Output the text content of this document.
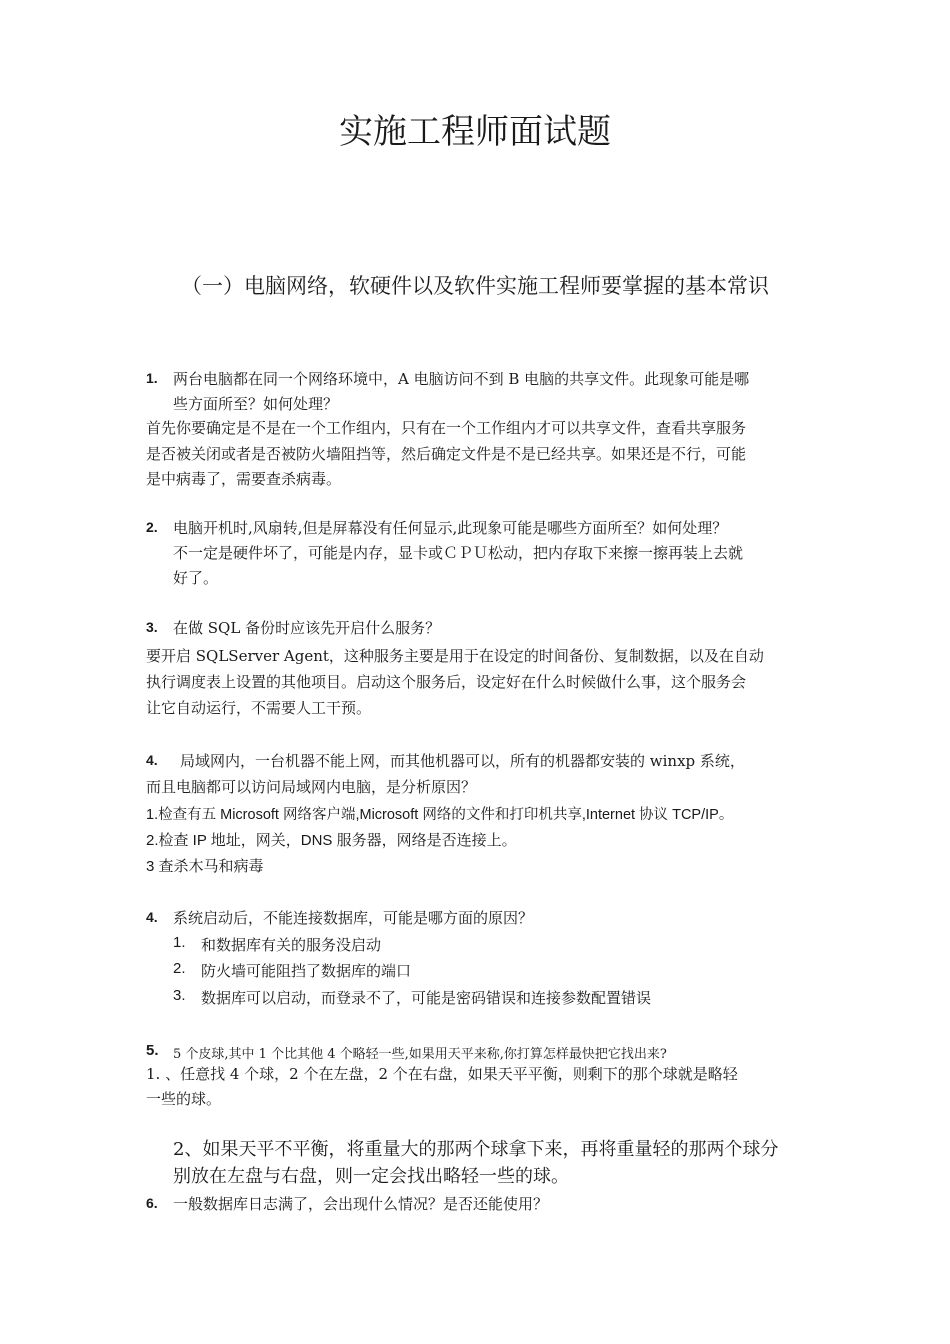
实施工程师面试题
（一）电脑网络，软硬件以及软件实施工程师要掌握的基本常识
1. 两台电脑都在同一个网络环境中，A 电脑访问不到 B 电脑的共享文件。此现象可能是哪
些方面所至？如何处理？
首先你要确定是不是在一个工作组内，只有在一个工作组内才可以共享文件，查看共享服务
是否被关闭或者是否被防火墙阻挡等，然后确定文件是不是已经共享。如果还是不行，可能
是中病毒了，需要查杀病毒。
2. 电脑开机时,风扇转,但是屏幕没有任何显示,此现象可能是哪些方面所至？如何处理？
不一定是硬件坏了，可能是内存，显卡或ＣＰＵ松动，把内存取下来擦一擦再装上去就
好了。
3. 在做 SQL 备份时应该先开启什么服务？
要开启 SQLServer Agent，这种服务主要是用于在设定的时间备份、复制数据，以及在自动
执行调度表上设置的其他项目。启动这个服务后，设定好在什么时候做什么事，这个服务会
让它自动运行，不需要人工干预。
4. 局域网内，一台机器不能上网，而其他机器可以，所有的机器都安装的 winxp 系统，
而且电脑都可以访问局域网内电脑，是分析原因？
1.检查有五 Microsoft 网络客户端,Microsoft 网络的文件和打印机共享,Internet 协议 TCP/IP。
2.检查 IP 地址，网关，DNS 服务器，网络是否连接上。
3 查杀木马和病毒
4. 系统启动后，不能连接数据库，可能是哪方面的原因？
1. 和数据库有关的服务没启动
2. 防火墙可能阻挡了数据库的端口
3. 数据库可以启动，而登录不了，可能是密码错误和连接参数配置错误
5. 5 个皮球,其中 1 个比其他 4 个略轻一些,如果用天平来称,你打算怎样最快把它找出来?
1. 、任意找 4 个球，2 个在左盘，2 个在右盘，如果天平平衡，则剩下的那个球就是略轻
一些的球。
2、如果天平不平衡，将重量大的那两个球拿下来，再将重量轻的那两个球分
别放在左盘与右盘，则一定会找出略轻一些的球。
6. 一般数据库日志满了，会出现什么情况？是否还能使用？
